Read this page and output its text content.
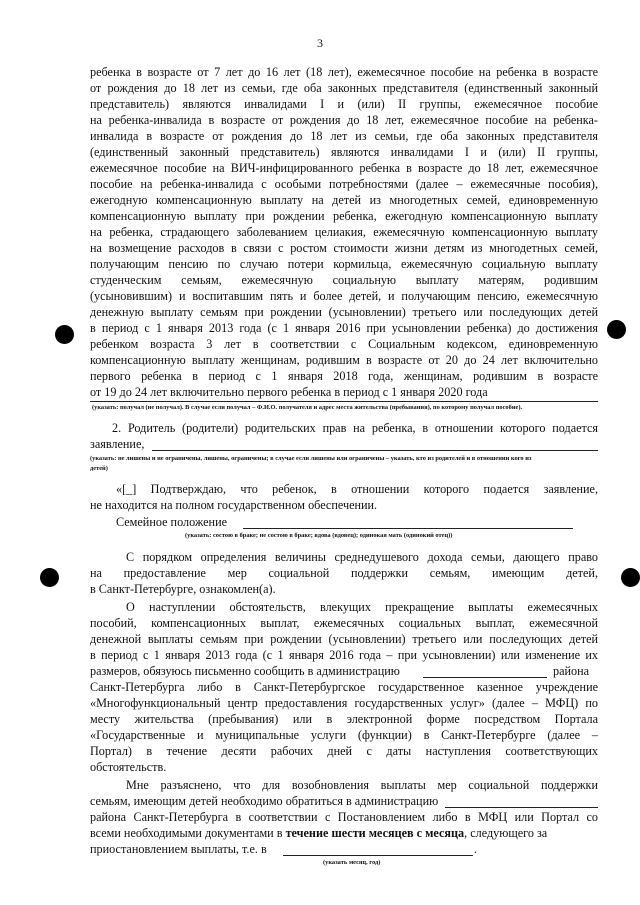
3
ребенка в возрасте от 7 лет до 16 лет (18 лет), ежемесячное пособие на ребенка в возрасте
от рождения до 18 лет из семьи, где оба законных представителя (единственный законный
представитель) являются инвалидами I и (или) II группы, ежемесячное пособие
на ребенка-инвалида в возрасте от рождения до 18 лет, ежемесячное пособие на ребенка-
инвалида в возрасте от рождения до 18 лет из семьи, где оба законных представителя
(единственный законный представитель) являются инвалидами I и (или) II группы,
ежемесячное пособие на ВИЧ-инфицированного ребенка в возрасте до 18 лет, ежемесячное
пособие на ребенка-инвалида с особыми потребностями (далее – ежемесячные пособия),
ежегодную компенсационную выплату на детей из многодетных семей, единовременную
компенсационную выплату при рождении ребенка, ежегодную компенсационную выплату
на ребенка, страдающего заболеванием целиакия, ежемесячную компенсационную выплату
на возмещение расходов в связи с ростом стоимости жизни детям из многодетных семей,
получающим пенсию по случаю потери кормильца, ежемесячную социальную выплату
студенческим семьям, ежемесячную социальную выплату матерям, родившим
(усыновившим) и воспитавшим пять и более детей, и получающим пенсию, ежемесячную
денежную выплату семьям при рождении (усыновлении) третьего или последующих детей
в период с 1 января 2013 года (с 1 января 2016 при усыновлении ребенка) до достижения
ребенком возраста 3 лет в соответствии с Социальным кодексом, единовременную
компенсационную выплату женщинам, родившим в возрасте от 20 до 24 лет включительно
первого ребенка в период с 1 января 2018 года, женщинам, родившим в возрасте
от 19 до 24 лет включительно первого ребенка в период с 1 января 2020 года
(указать: получал (не получал). В случае если получал – Ф.И.О. получателя и адрес места жительства (пребывания), по которому получал пособие).
2. Родитель (родители) родительских прав на ребенка, в отношении которого подается
заявление,
(указать: не лишены и не ограничены, лишены, ограничены; в случае если лишены или ограничены – указать, кто из родителей и в отношении кого из
детей)
«[_] Подтверждаю, что ребенок, в отношении которого подается заявление,
не находится на полном государственном обеспечении.
Семейное положение
(указать: состою в браке; не состою в браке; вдова (вдовец); одинокая мать (одинокий отец))
С порядком определения величины среднедушевого дохода семьи, дающего право
на предоставление мер социальной поддержки семьям, имеющим детей,
в Санкт-Петербурге, ознакомлен(а).
О наступлении обстоятельств, влекущих прекращение выплаты ежемесячных
пособий, компенсационных выплат, ежемесячных социальных выплат, ежемесячной
денежной выплаты семьям при рождении (усыновлении) третьего или последующих детей
в период с 1 января 2013 года (с 1 января 2016 года – при усыновлении) или изменение их
размеров, обязуюсь письменно сообщить в администрацию	района
Санкт-Петербурга либо в Санкт-Петербургское государственное казенное учреждение
«Многофункциональный центр предоставления государственных услуг» (далее – МФЦ) по
месту жительства (пребывания) или в электронной форме посредством Портала
«Государственные и муниципальные услуги (функции) в Санкт-Петербурге (далее –
Портал) в течение десяти рабочих дней с даты наступления соответствующих
обстоятельств.
Мне разъяснено, что для возобновления выплаты мер социальной поддержки
семьям, имеющим детей необходимо обратиться в администрацию
района Санкт-Петербурга в соответствии с Постановлением либо в МФЦ или Портал со
всеми необходимыми документами в течение шести месяцев с месяца, следующего за
приостановлением выплаты, т.е. в	.
(указать месяц, год)
